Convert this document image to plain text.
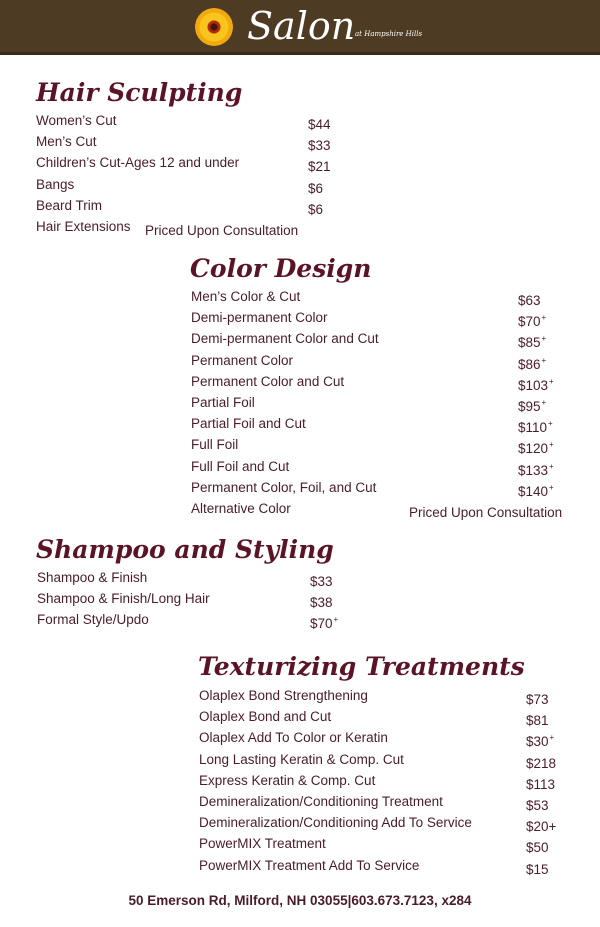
Salon at Hampshire Hills
Hair Sculpting
Women’s Cut	$44
Men’s Cut	$33
Children’s Cut-Ages 12 and under	$21
Bangs	$6
Beard Trim	$6
Hair Extensions Priced Upon Consultation
Color Design
Men’s Color & Cut	$63
Demi-permanent Color	$70+
Demi-permanent Color and Cut	$85+
Permanent Color	$86+
Permanent Color and Cut	$103+
Partial Foil	$95+
Partial Foil and Cut	$110+
Full Foil	$120+
Full Foil and Cut	$133+
Permanent Color, Foil, and Cut	$140+
Alternative Color	Priced Upon Consultation
Shampoo and Styling
Shampoo & Finish	$33
Shampoo & Finish/Long Hair	$38
Formal Style/Updo	$70+
Texturizing Treatments
Olaplex Bond Strengthening	$73
Olaplex Bond and Cut	$81
Olaplex Add To Color or Keratin	$30+
Long Lasting Keratin & Comp. Cut	$218
Express Keratin & Comp. Cut	$113
Demineralization/Conditioning Treatment	$53
Demineralization/Conditioning Add To Service	$20+
PowerMIX Treatment	$50
PowerMIX Treatment Add To Service	$15
50 Emerson Rd, Milford, NH 03055|603.673.7123, x284
